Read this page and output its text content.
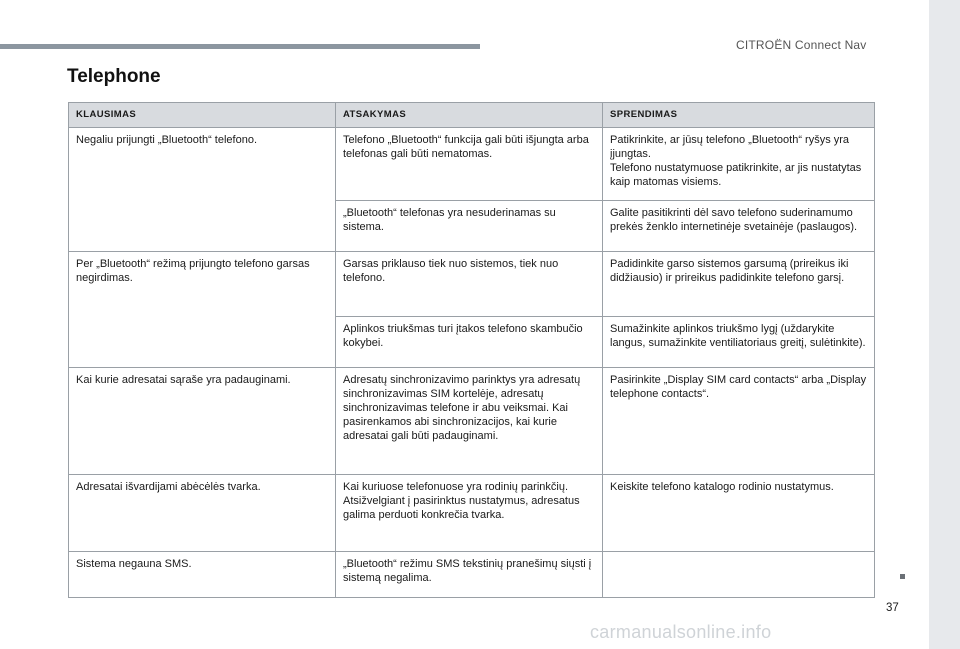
CITROËN Connect Nav
37
carmanualsonline.info
Telephone
KLAUSIMAS	ATSAKYMAS	SPRENDIMAS
Negaliu prijungti „Bluetooth“ telefono.	Telefono „Bluetooth“ funkcija gali būti išjungta arba telefonas gali būti nematomas.	Patikrinkite, ar jūsų telefono „Bluetooth“ ryšys yra įjungtas.
Telefono nustatymuose patikrinkite, ar jis nustatytas kaip matomas visiems.

	„Bluetooth“ telefonas yra nesuderinamas su sistema.	Galite pasitikrinti dėl savo telefono suderinamumo prekės ženklo internetinėje svetainėje (paslaugos).

Per „Bluetooth“ režimą prijungto telefono garsas negirdimas.	Garsas priklauso tiek nuo sistemos, tiek nuo telefono.	Padidinkite garso sistemos garsumą (prireikus iki didžiausio) ir prireikus padidinkite telefono garsį.

	Aplinkos triukšmas turi įtakos telefono skambučio kokybei.	Sumažinkite aplinkos triukšmo lygį (uždarykite langus, sumažinkite ventiliatoriaus greitį, sulėtinkite).

Kai kurie adresatai sąraše yra padauginami.	Adresatų sinchronizavimo parinktys yra adresatų sinchronizavimas SIM kortelėje, adresatų sinchronizavimas telefone ir abu veiksmai. Kai pasirenkamos abi sinchronizacijos, kai kurie adresatai gali būti padauginami.	Pasirinkite „Display SIM card contacts“ arba „Display telephone contacts“.

Adresatai išvardijami abėcėlės tvarka.	Kai kuriuose telefonuose yra rodinių parinkčių. Atsižvelgiant į pasirinktus nustatymus, adresatus galima perduoti konkrečia tvarka.	Keiskite telefono katalogo rodinio nustatymus.

Sistema negauna SMS.	„Bluetooth“ režimu SMS tekstinių pranešimų siųsti į sistemą negalima.	
